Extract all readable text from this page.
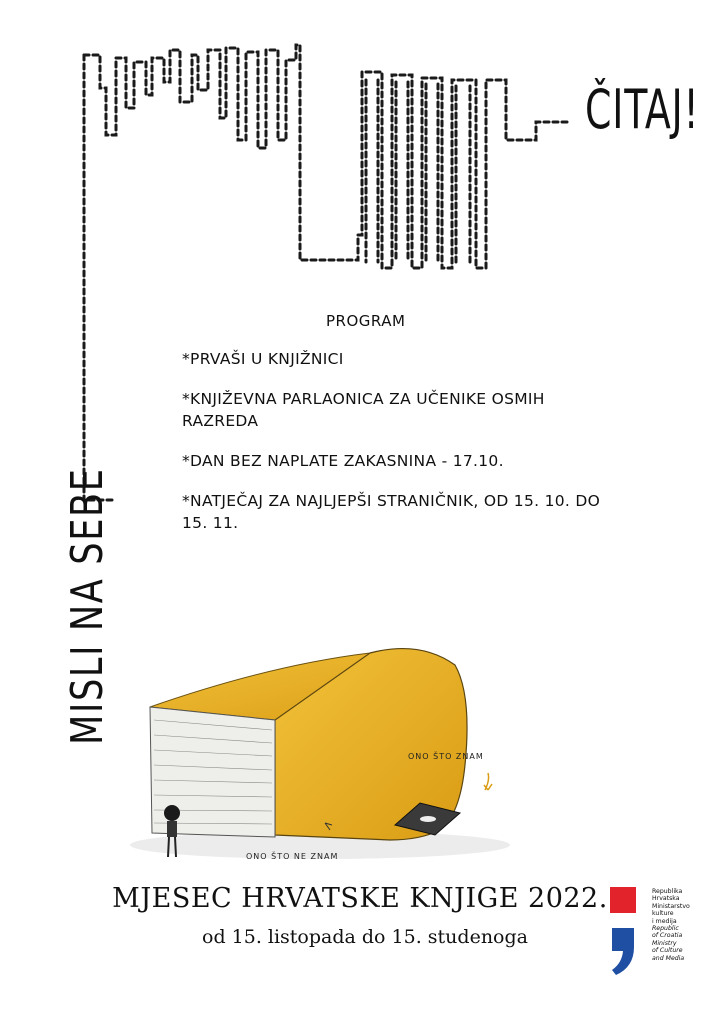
ČITAJ!
MISLI NA SEBE
PROGRAM

*PRVAŠI U KNJIŽNICI

*KNJIŽEVNA PARLAONICA ZA UČENIKE OSMIH RAZREDA

*DAN BEZ NAPLATE ZAKASNINA - 17.10.

*NATJEČAJ ZA NAJLJEPŠI STRANIČNIK, OD 15. 10. DO 15. 11.

ONO ŠTO ZNAM
ONO ŠTO NE ZNAM
MJESEC HRVATSKE KNJIGE 2022.
od 15. listopada do 15. studenoga
Republika
Hrvatska
Ministarstvo
kulture
i medija
Republic
of Croatia
Ministry
of Culture
and Media
